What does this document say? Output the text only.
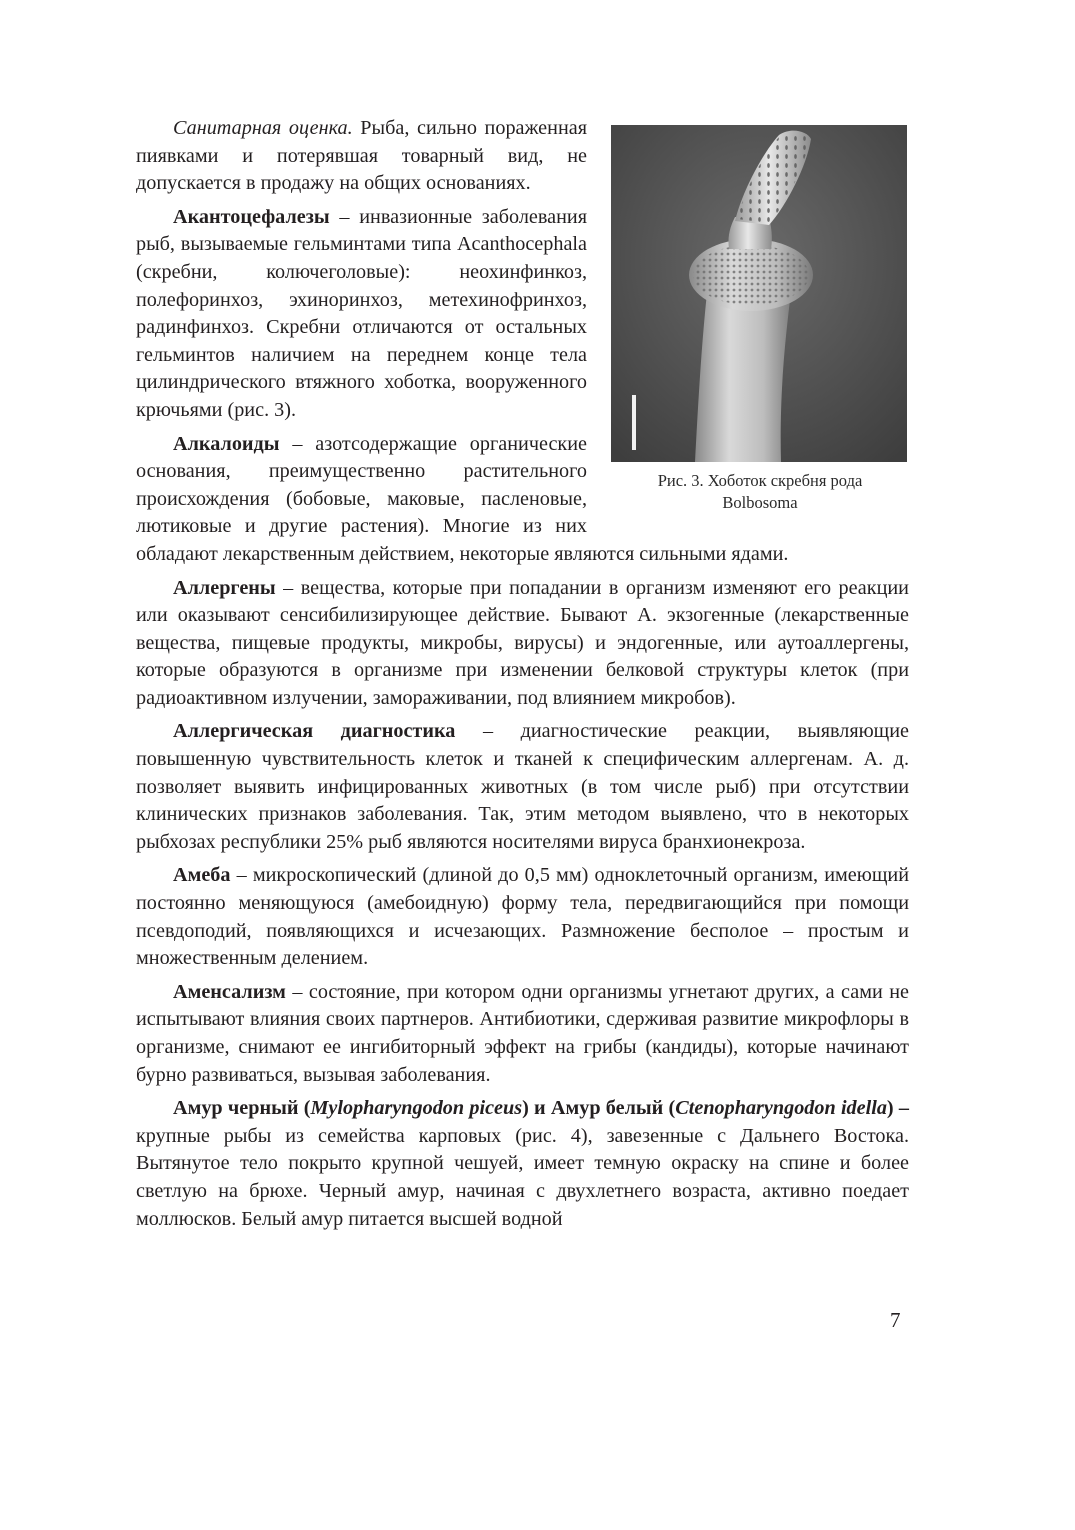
Рис. 3. Хоботок скребня рода
Bolbosoma

Санитарная оценка. Рыба, сильно пораженная пиявками и потерявшая товарный вид, не допускается в продажу на общих основаниях.

Акантоцефалезы – инвазионные заболевания рыб, вызываемые гельминтами типа Acanthocephala (скребни, колючеголовые): неохинфинкоз, полефоринхоз, эхиноринхоз, метехинофринхоз, радинфинхоз. Скребни отличаются от остальных гельминтов наличием на переднем конце тела цилиндрического втяжного хоботка, вооруженного крючьями (рис. 3).

Алкалоиды – азотсодержащие органические основания, преимущественно растительного происхождения (бобовые, маковые, пасленовые, лютиковые и другие растения). Многие из них обладают лекарственным действием, некоторые являются сильными ядами.

Аллергены – вещества, которые при попадании в организм изменяют его реакции или оказывают сенсибилизирующее действие. Бывают А. экзогенные (лекарственные вещества, пищевые продукты, микробы, вирусы) и эндогенные, или аутоаллергены, которые образуются в организме при изменении белковой структуры клеток (при радиоактивном излучении, замораживании, под влиянием микробов).

Аллергическая диагностика – диагностические реакции, выявляющие повышенную чувствительность клеток и тканей к специфическим аллергенам. А. д. позволяет выявить инфицированных животных (в том числе рыб) при отсутствии клинических признаков заболевания. Так, этим методом выявлено, что в некоторых рыбхозах республики 25% рыб являются носителями вируса бранхионекроза.

Амеба – микроскопический (длиной до 0,5 мм) одноклеточный организм, имеющий постоянно меняющуюся (амебоидную) форму тела, передвигающийся при помощи псевдоподий, появляющихся и исчезающих. Размножение бесполое – простым и множественным делением.

Аменсализм – состояние, при котором одни организмы угнетают других, а сами не испытывают влияния своих партнеров. Антибиотики, сдерживая развитие микрофлоры в организме, снимают ее ингибиторный эффект на грибы (кандиды), которые начинают бурно развиваться, вызывая заболевания.

Амур черный (Mylopharyngodon piceus) и Амур белый (Ctenopharyngodon idella) – крупные рыбы из семейства карповых (рис. 4), завезенные с Дальнего Востока. Вытянутое тело покрыто крупной чешуей, имеет темную окраску на спине и более светлую на брюхе. Черный амур, начиная с двухлетнего возраста, активно поедает моллюсков. Белый амур питается высшей водной

7
